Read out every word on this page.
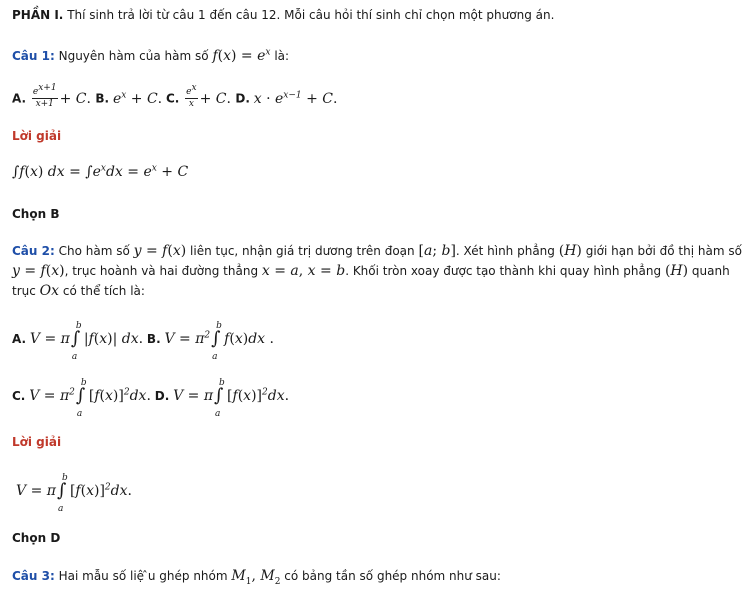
PHẦN I. Thí sinh trả lời từ câu 1 đến câu 12. Mỗi câu hỏi thí sinh chỉ chọn một phương án.
Câu 1: Nguyên hàm của hàm số $f(x) = e^x$ là:
A. $\frac{e^{x+1}}{x+1} + C$. B. $e^x + C$. C. $\frac{e^x}{x} + C$. D. $x \cdot e^{x-1} + C$.
Lời giải
∫f(x) dx = $\int e^xdx = e^x + C$
Chọn B
Câu 2: Cho hàm số y = f(x) liên tục, nhận giá trị dương trên đoạn [a; b]. Xét hình phẳng (H) giới hạn bởi đồ thị hàm số
y = f(x), trục hoành và hai đường thẳng x = a, x = b. Khối tròn xoay được tạo thành khi quay hình phẳng (H) quanh
trục Ox có thể tích là:
A. V = π ∫
b
a
|f(x)| dx. B. $V = \pi^2$ ∫
b
a
f(x)dx .
C. $V = \pi^2$ ∫
b
a
$[f(x)]^2dx$. D. V = π ∫
b
a
$[f(x)]^2dx$.
Lời giải
V = π ∫
b
a
$[f(x)]^2dx$.
Chọn D
Câu 3: Hai mẫu số liệ ̂u ghép nhóm $M_1$, $M_2$ có bảng tần số ghép nhóm như sau:
